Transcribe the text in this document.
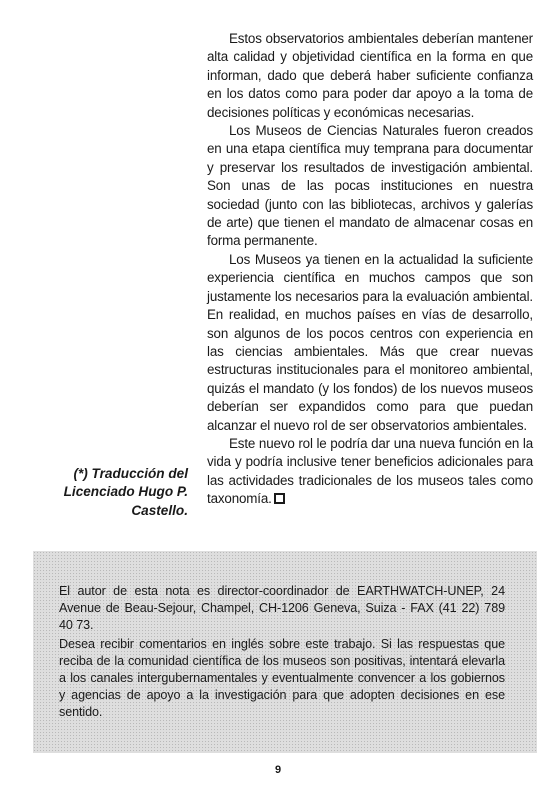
Estos observatorios ambientales deberían mantener alta calidad y objetividad científica en la forma en que informan, dado que deberá haber suficiente confianza en los datos como para poder dar apoyo a la toma de decisiones políticas y económicas necesarias.

Los Museos de Ciencias Naturales fueron creados en una etapa científica muy temprana para documentar y preservar los resultados de investigación ambiental. Son unas de las pocas instituciones en nuestra sociedad (junto con las bibliotecas, archivos y galerías de arte) que tienen el mandato de almacenar cosas en forma permanente.

Los Museos ya tienen en la actualidad la suficiente experiencia científica en muchos campos que son justamente los necesarios para la evaluación ambiental. En realidad, en muchos países en vías de desarrollo, son algunos de los pocos centros con experiencia en las ciencias ambientales. Más que crear nuevas estructuras institucionales para el monitoreo ambiental, quizás el mandato (y los fondos) de los nuevos museos deberían ser expandidos como para que puedan alcanzar el nuevo rol de ser observatorios ambientales.

Este nuevo rol le podría dar una nueva función en la vida y podría inclusive tener beneficios adicionales para las actividades tradicionales de los museos tales como taxonomía.

(*) Traducción del Licenciado Hugo P. Castello.

El autor de esta nota es director-coordinador de EARTHWATCH-UNEP, 24 Avenue de Beau-Sejour, Champel, CH-1206 Geneva, Suiza - FAX (41 22) 789 40 73.

Desea recibir comentarios en inglés sobre este trabajo. Si las respuestas que reciba de la comunidad científica de los museos son positivas, intentará elevarla a los canales intergubernamentales y eventualmente convencer a los gobiernos y agencias de apoyo a la investigación para que adopten decisiones en ese sentido.

9
